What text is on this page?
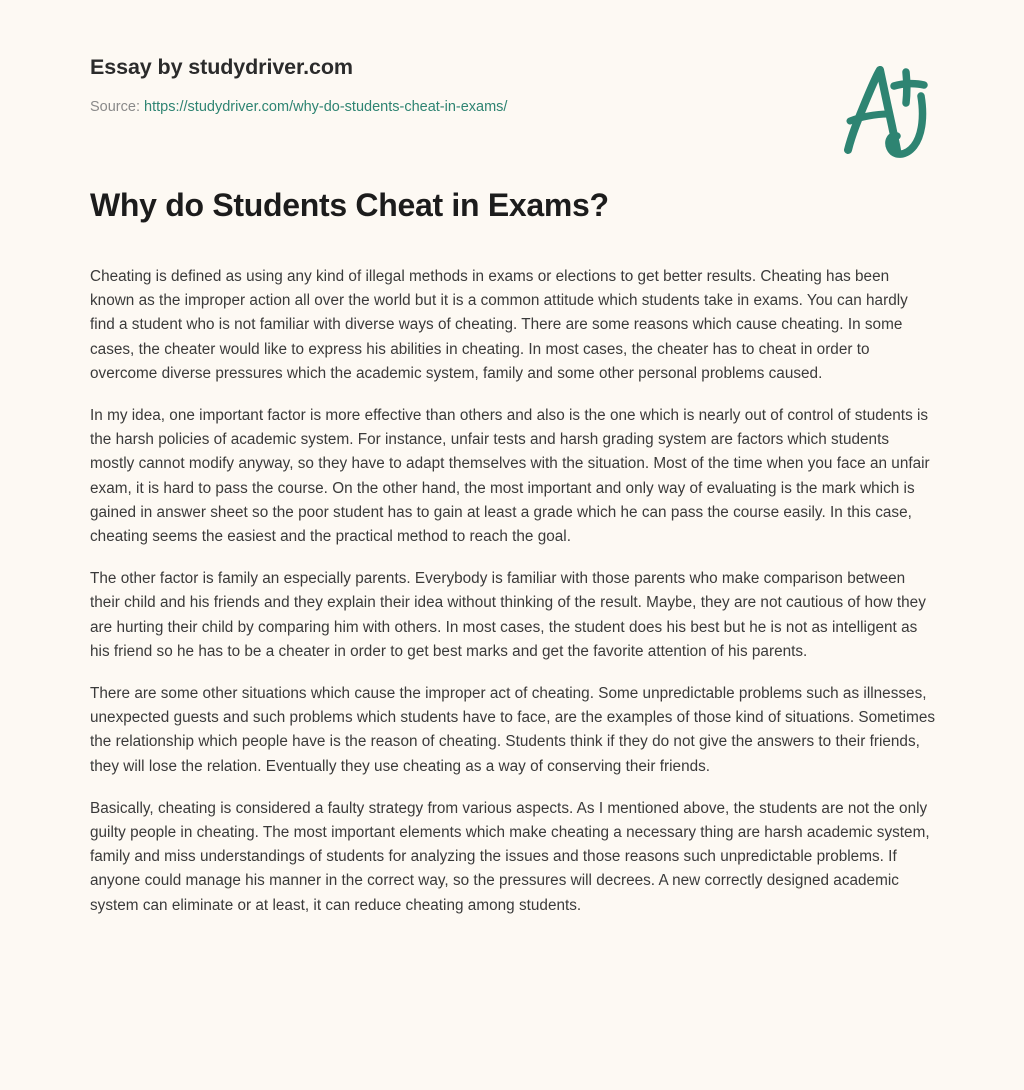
Essay by studydriver.com
Source: https://studydriver.com/why-do-students-cheat-in-exams/
Why do Students Cheat in Exams?

Cheating is defined as using any kind of illegal methods in exams or elections to get better results. Cheating has been known as the improper action all over the world but it is a common attitude which students take in exams. You can hardly find a student who is not familiar with diverse ways of cheating. There are some reasons which cause cheating. In some cases, the cheater would like to express his abilities in cheating. In most cases, the cheater has to cheat in order to overcome diverse pressures which the academic system, family and some other personal problems caused.

In my idea, one important factor is more effective than others and also is the one which is nearly out of control of students is the harsh policies of academic system. For instance, unfair tests and harsh grading system are factors which students mostly cannot modify anyway, so they have to adapt themselves with the situation. Most of the time when you face an unfair exam, it is hard to pass the course. On the other hand, the most important and only way of evaluating is the mark which is gained in answer sheet so the poor student has to gain at least a grade which he can pass the course easily. In this case, cheating seems the easiest and the practical method to reach the goal.

The other factor is family an especially parents. Everybody is familiar with those parents who make comparison between their child and his friends and they explain their idea without thinking of the result. Maybe, they are not cautious of how they are hurting their child by comparing him with others. In most cases, the student does his best but he is not as intelligent as his friend so he has to be a cheater in order to get best marks and get the favorite attention of his parents.

There are some other situations which cause the improper act of cheating. Some unpredictable problems such as illnesses, unexpected guests and such problems which students have to face, are the examples of those kind of situations. Sometimes the relationship which people have is the reason of cheating. Students think if they do not give the answers to their friends, they will lose the relation. Eventually they use cheating as a way of conserving their friends.

Basically, cheating is considered a faulty strategy from various aspects. As I mentioned above, the students are not the only guilty people in cheating. The most important elements which make cheating a necessary thing are harsh academic system, family and miss understandings of students for analyzing the issues and those reasons such unpredictable problems. If anyone could manage his manner in the correct way, so the pressures will decrees. A new correctly designed academic system can eliminate or at least, it can reduce cheating among students.
